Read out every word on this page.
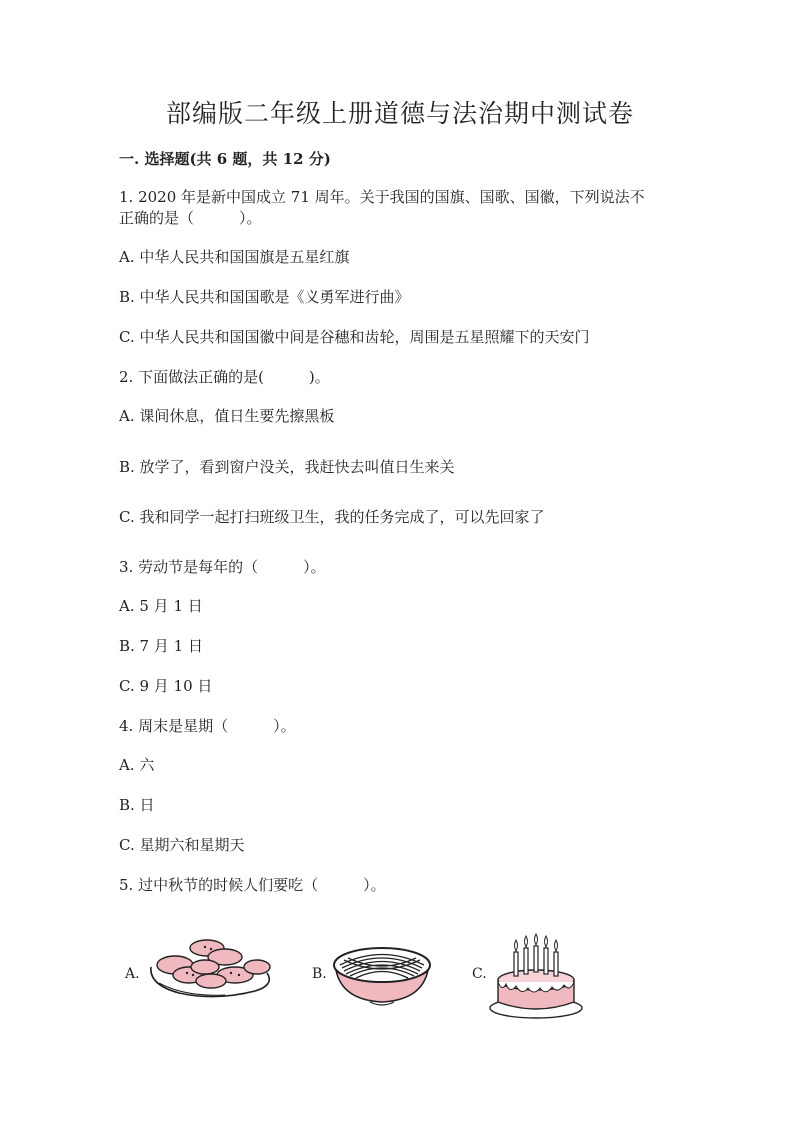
部编版二年级上册道德与法治期中测试卷
一. 选择题(共 6 题，共 12 分)
1. 2020 年是新中国成立 71 周年。关于我国的国旗、国歌、国徽，下列说法不
正确的是（　　　）。
A. 中华人民共和国国旗是五星红旗
B. 中华人民共和国国歌是《义勇军进行曲》
C. 中华人民共和国国徽中间是谷穗和齿轮，周围是五星照耀下的天安门
2. 下面做法正确的是(　　　)。
A. 课间休息，值日生要先擦黑板
B. 放学了，看到窗户没关，我赶快去叫值日生来关
C. 我和同学一起打扫班级卫生，我的任务完成了，可以先回家了
3. 劳动节是每年的（　　　）。
A. 5 月 1 日
B. 7 月 1 日
C. 9 月 10 日
4. 周末是星期（　　　）。
A. 六
B. 日
C. 星期六和星期天
5. 过中秋节的时候人们要吃（　　　）。
A.	B.	C.
